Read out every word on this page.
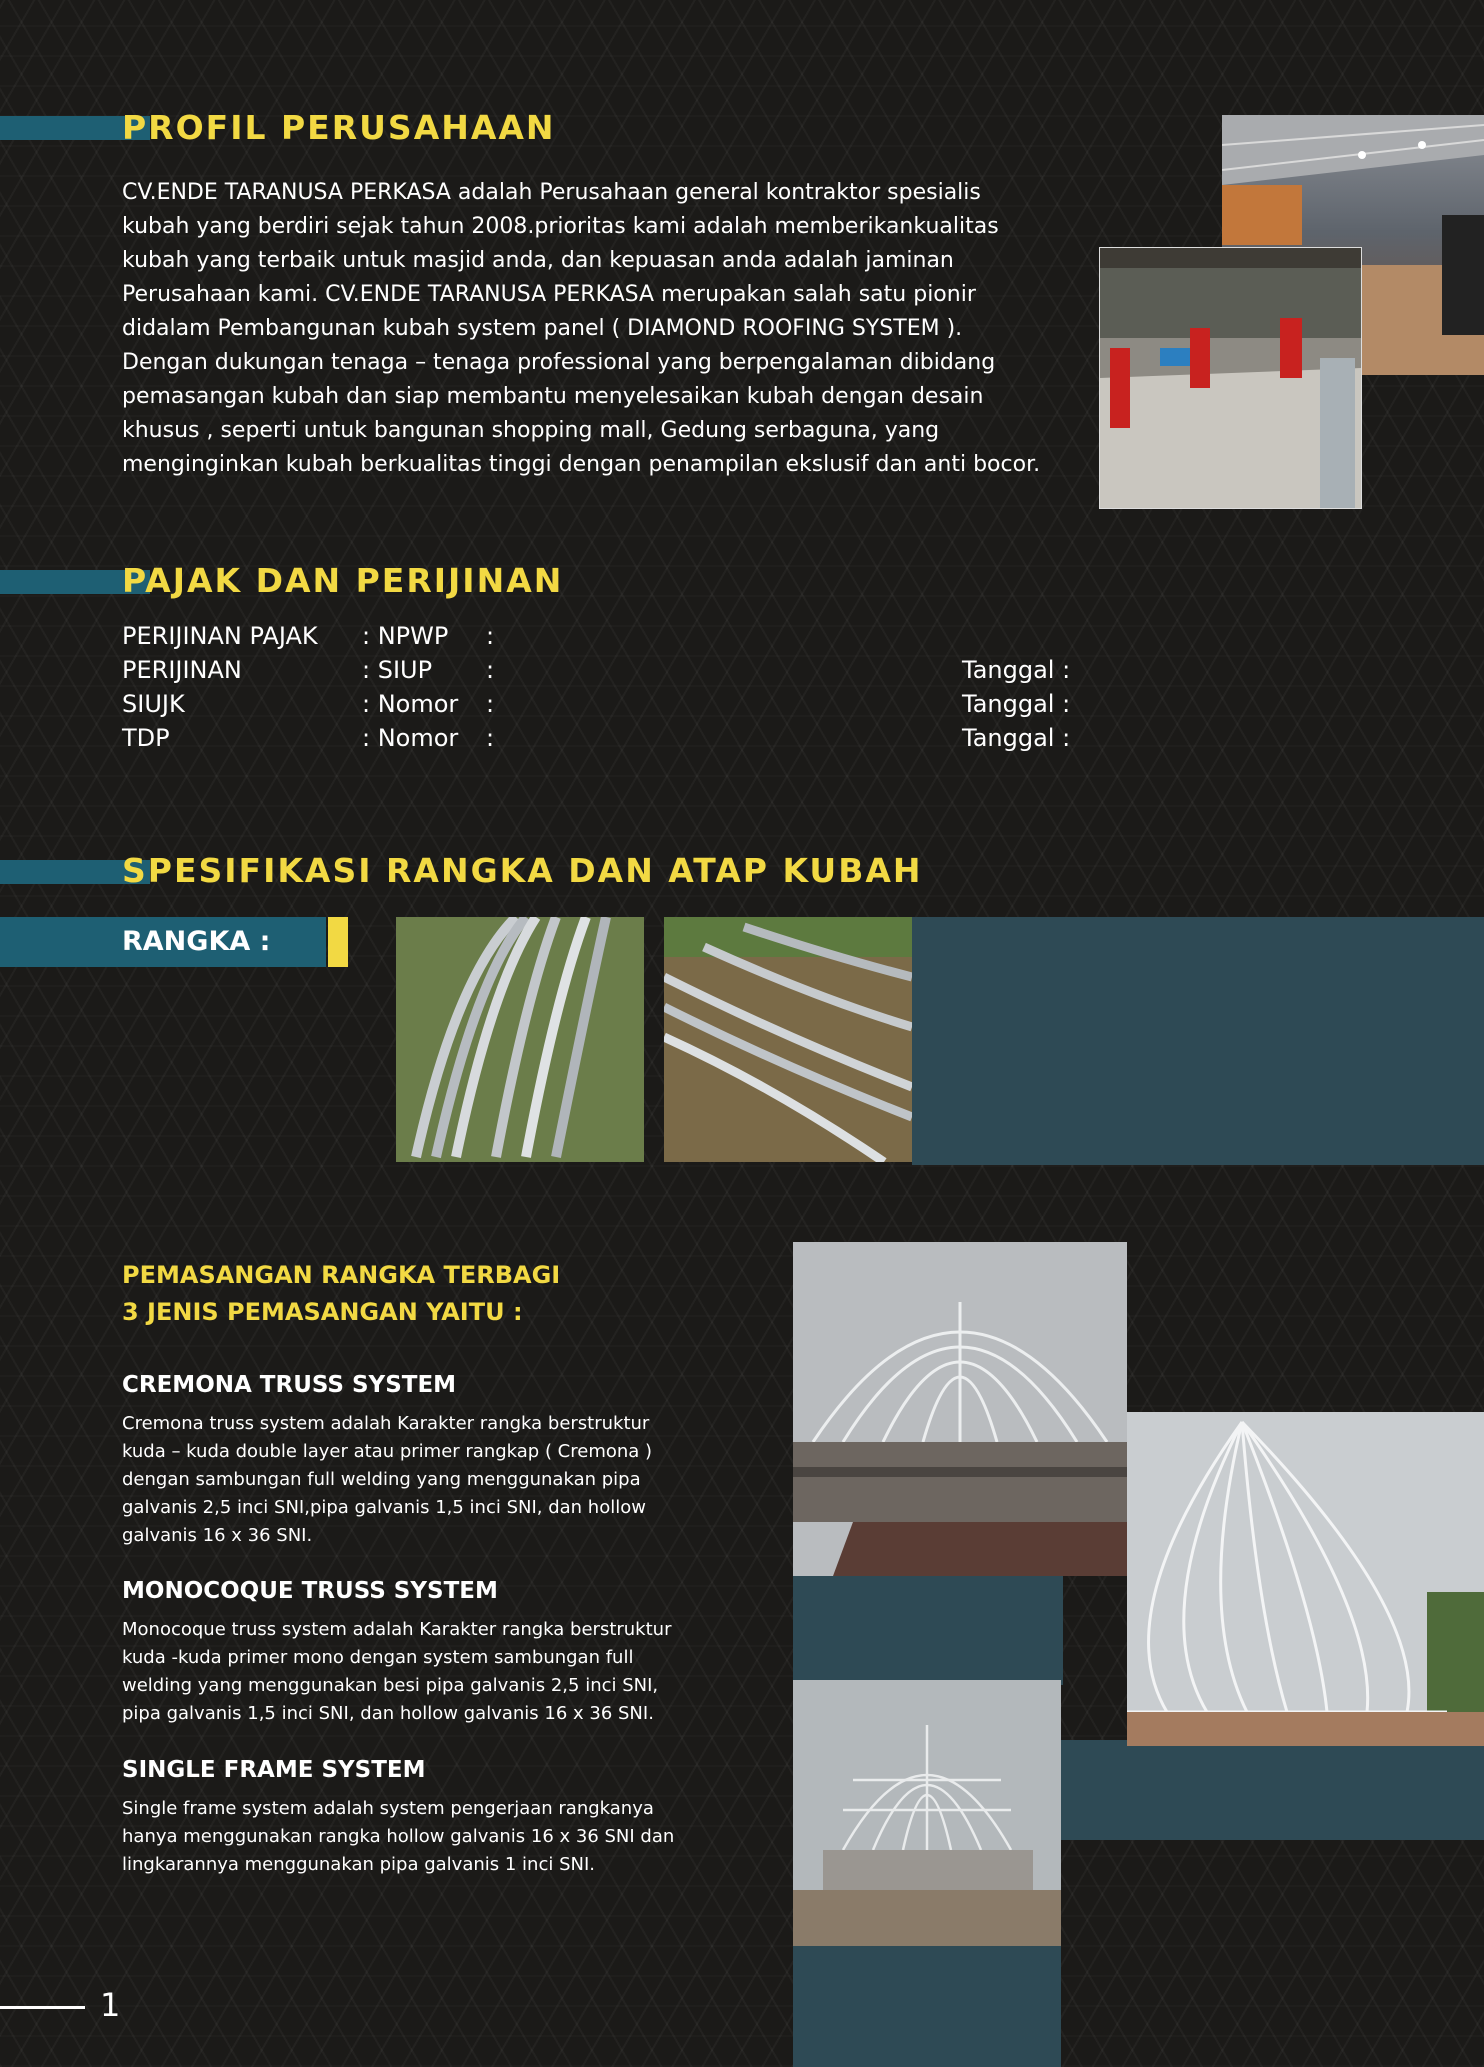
PROFIL PERUSAHAAN
CV.ENDE TARANUSA PERKASA adalah Perusahaan general kontraktor spesialis
kubah yang berdiri sejak tahun 2008.prioritas kami adalah memberikankualitas
kubah yang terbaik untuk masjid anda, dan kepuasan anda adalah jaminan
Perusahaan kami. CV.ENDE TARANUSA PERKASA merupakan salah satu pionir
didalam Pembangunan kubah system panel ( DIAMOND ROOFING SYSTEM ).
Dengan dukungan tenaga – tenaga professional yang berpengalaman dibidang
pemasangan kubah dan siap membantu menyelesaikan kubah dengan desain
khusus , seperti untuk bangunan shopping mall, Gedung serbaguna, yang
menginginkan kubah berkualitas tinggi dengan penampilan ekslusif dan anti bocor.
PAJAK DAN PERIJINAN
PERIJINAN PAJAK : NPWP :
PERIJINAN	: SIUP :	Tanggal :
SIUJK	: Nomor :	Tanggal :
TDP	: Nomor :	Tanggal :
SPESIFIKASI RANGKA DAN ATAP KUBAH
RANGKA :
PEMASANGAN RANGKA TERBAGI
3 JENIS PEMASANGAN YAITU :
CREMONA TRUSS SYSTEM
Cremona truss system adalah Karakter rangka berstruktur
kuda – kuda double layer atau primer rangkap ( Cremona )
dengan sambungan full welding yang menggunakan pipa
galvanis 2,5 inci SNI,pipa galvanis 1,5 inci SNI, dan hollow
galvanis 16 x 36 SNI.
MONOCOQUE TRUSS SYSTEM
Monocoque truss system adalah Karakter rangka berstruktur
kuda -kuda primer mono dengan system sambungan full
welding yang menggunakan besi pipa galvanis 2,5 inci SNI,
pipa galvanis 1,5 inci SNI, dan hollow galvanis 16 x 36 SNI.
SINGLE FRAME SYSTEM
Single frame system adalah system pengerjaan rangkanya
hanya menggunakan rangka hollow galvanis 16 x 36 SNI dan
lingkarannya menggunakan pipa galvanis 1 inci SNI.
1
